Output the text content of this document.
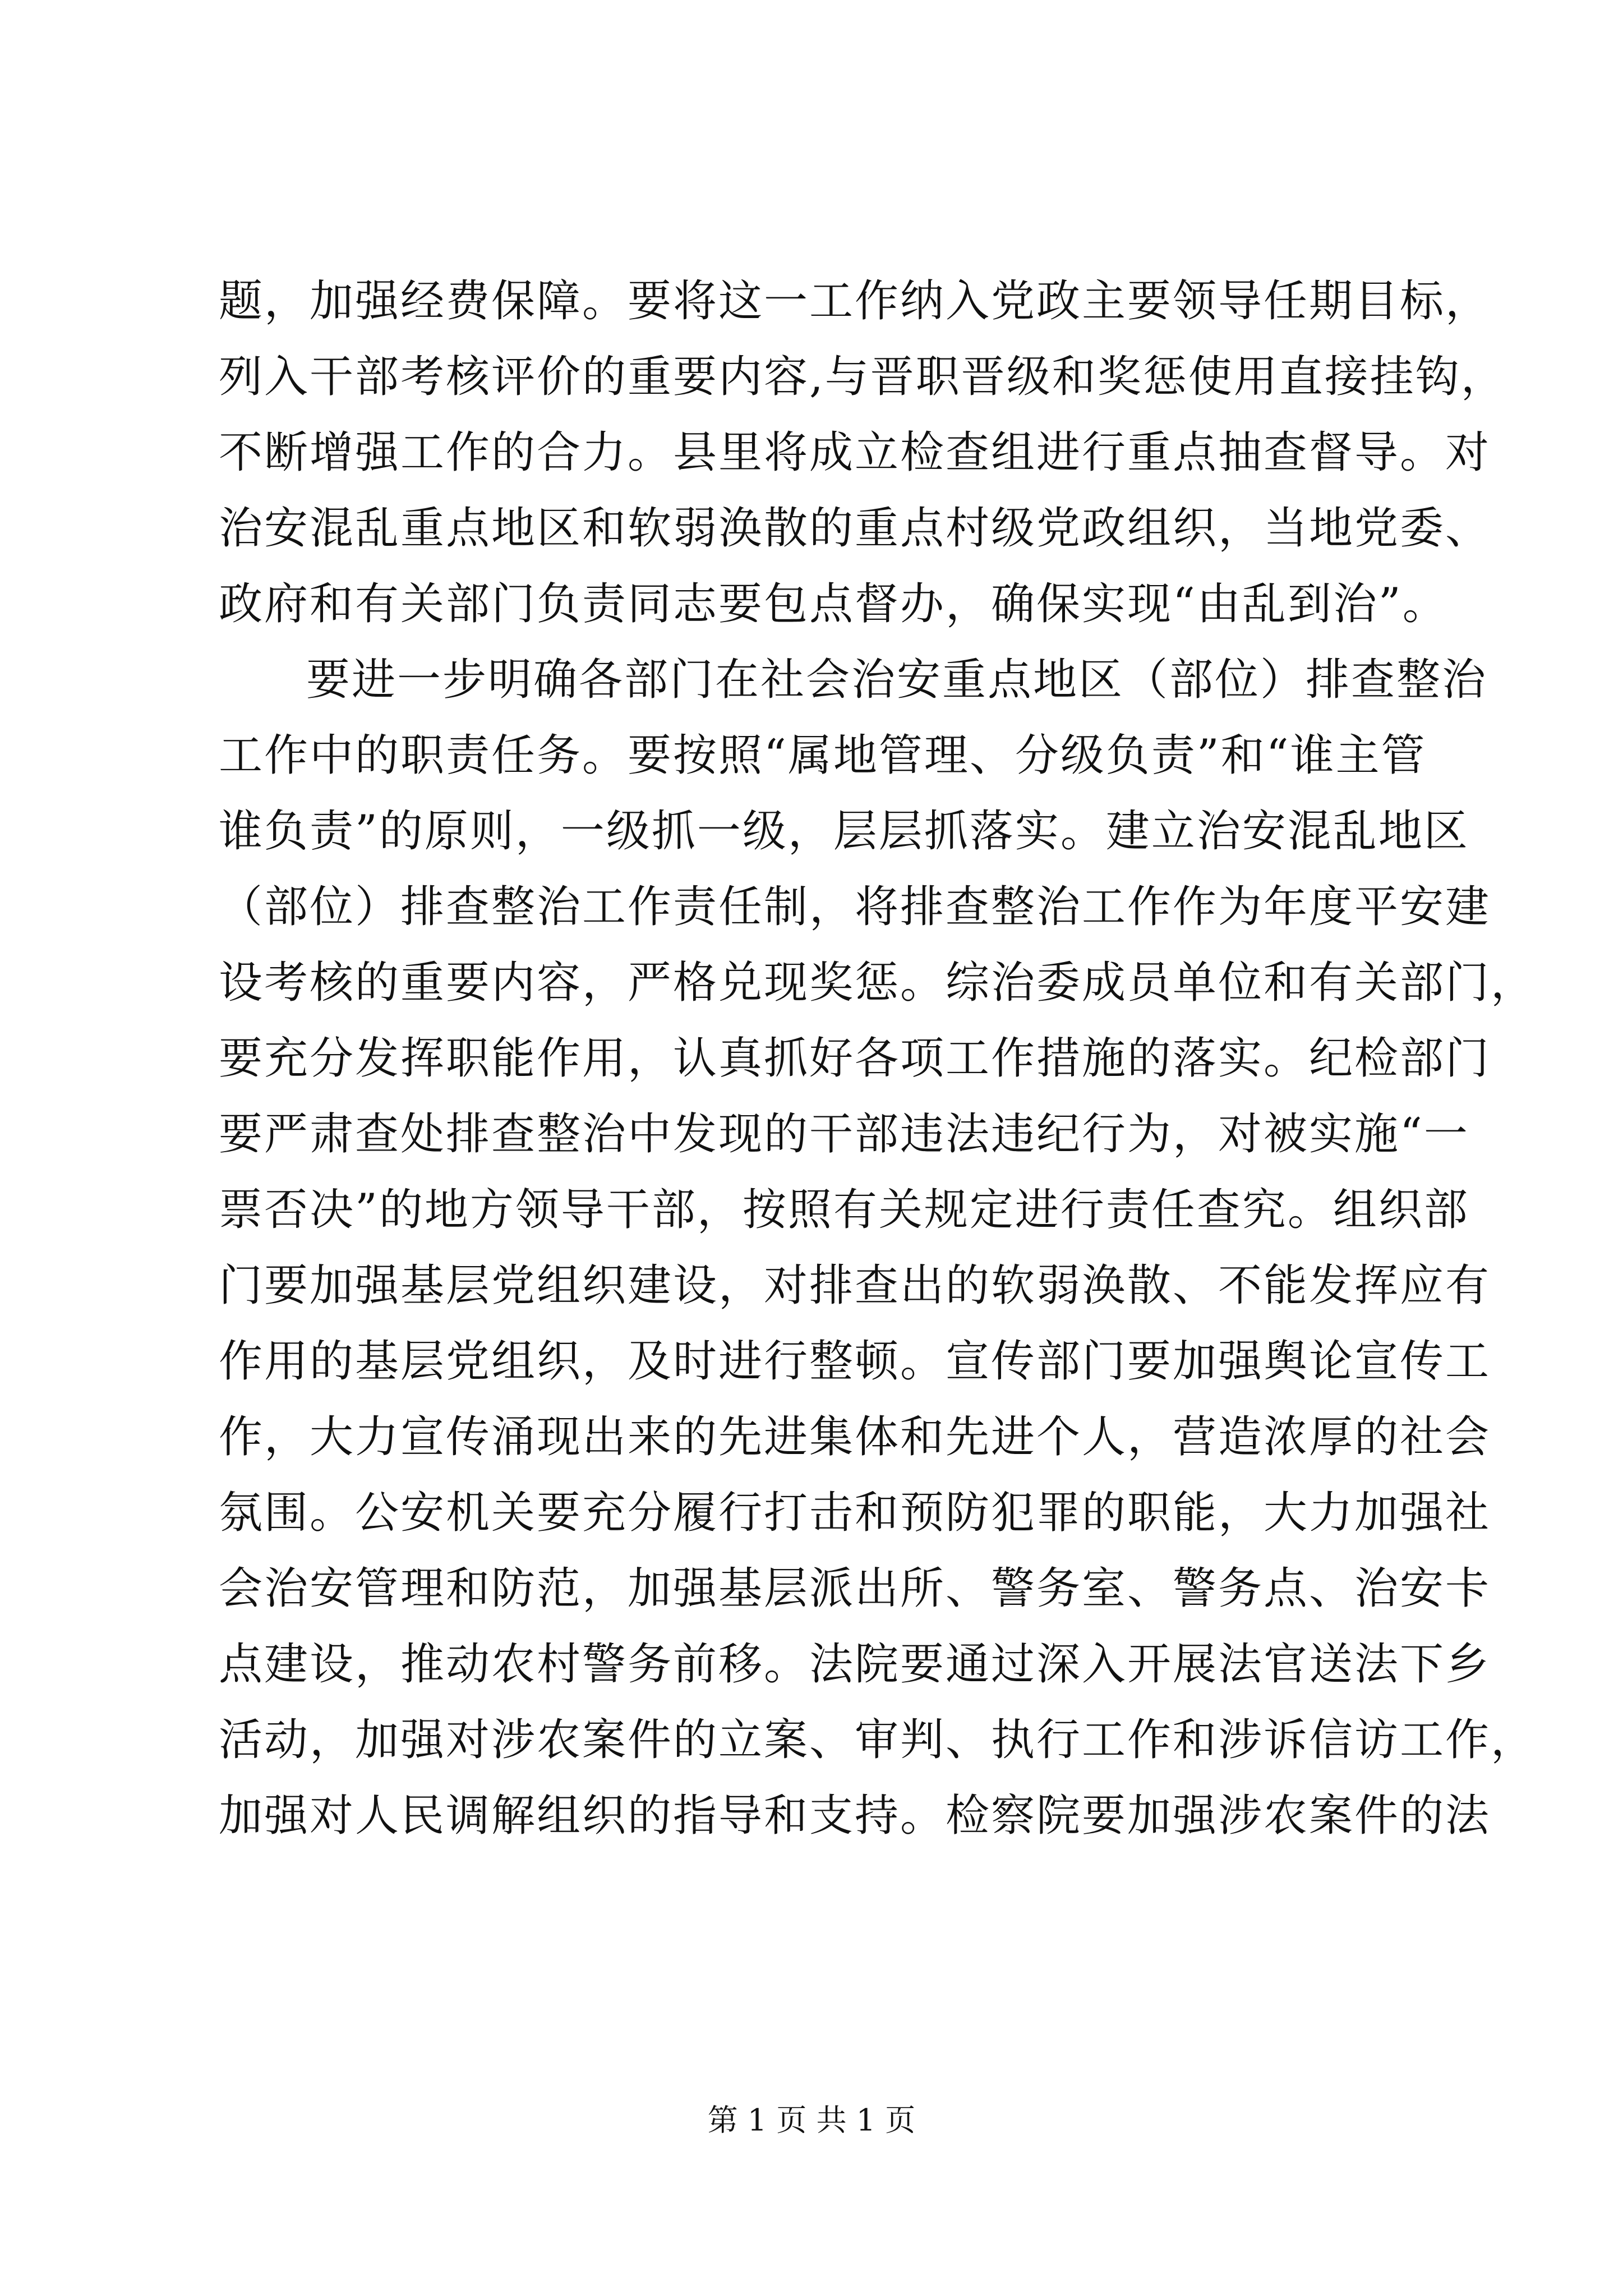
题，加强经费保障。要将这一工作纳入党政主要领导任期目标，
列入干部考核评价的重要内容,与晋职晋级和奖惩使用直接挂钩，
不断增强工作的合力。县里将成立检查组进行重点抽查督导。对
治安混乱重点地区和软弱涣散的重点村级党政组织，当地党委、
政府和有关部门负责同志要包点督办，确保实现“由乱到治”。
要进一步明确各部门在社会治安重点地区（部位）排查整治
工作中的职责任务。要按照“属地管理、分级负责”和“谁主管
谁负责”的原则，一级抓一级，层层抓落实。建立治安混乱地区
（部位）排查整治工作责任制，将排查整治工作作为年度平安建
设考核的重要内容，严格兑现奖惩。综治委成员单位和有关部门，
要充分发挥职能作用，认真抓好各项工作措施的落实。纪检部门
要严肃查处排查整治中发现的干部违法违纪行为，对被实施“一
票否决”的地方领导干部，按照有关规定进行责任查究。组织部
门要加强基层党组织建设，对排查出的软弱涣散、不能发挥应有
作用的基层党组织，及时进行整顿。宣传部门要加强舆论宣传工
作，大力宣传涌现出来的先进集体和先进个人，营造浓厚的社会
氛围。公安机关要充分履行打击和预防犯罪的职能，大力加强社
会治安管理和防范，加强基层派出所、警务室、警务点、治安卡
点建设，推动农村警务前移。法院要通过深入开展法官送法下乡
活动，加强对涉农案件的立案、审判、执行工作和涉诉信访工作，
加强对人民调解组织的指导和支持。检察院要加强涉农案件的法
第 1 页 共 1 页
